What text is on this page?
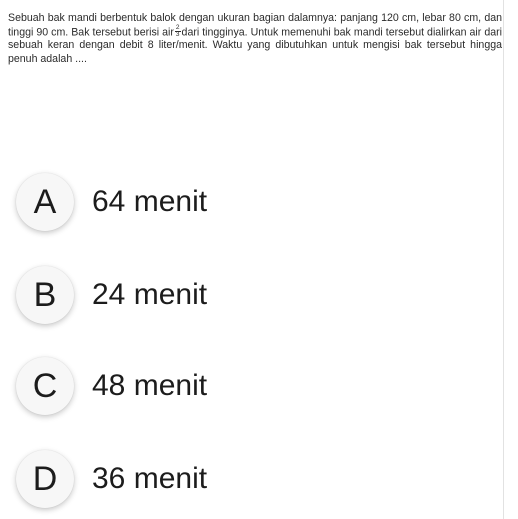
Sebuah bak mandi berbentuk balok dengan ukuran bagian dalamnya: panjang 120 cm, lebar 80 cm, dan tinggi 90 cm. Bak tersebut berisi air $\frac{2}{3}$ dari tingginya. Untuk memenuhi bak mandi tersebut dialirkan air dari sebuah keran dengan debit 8 liter/menit. Waktu yang dibutuhkan untuk mengisi bak tersebut hingga penuh adalah ....
A	64 menit
B	24 menit
C	48 menit
D	36 menit
